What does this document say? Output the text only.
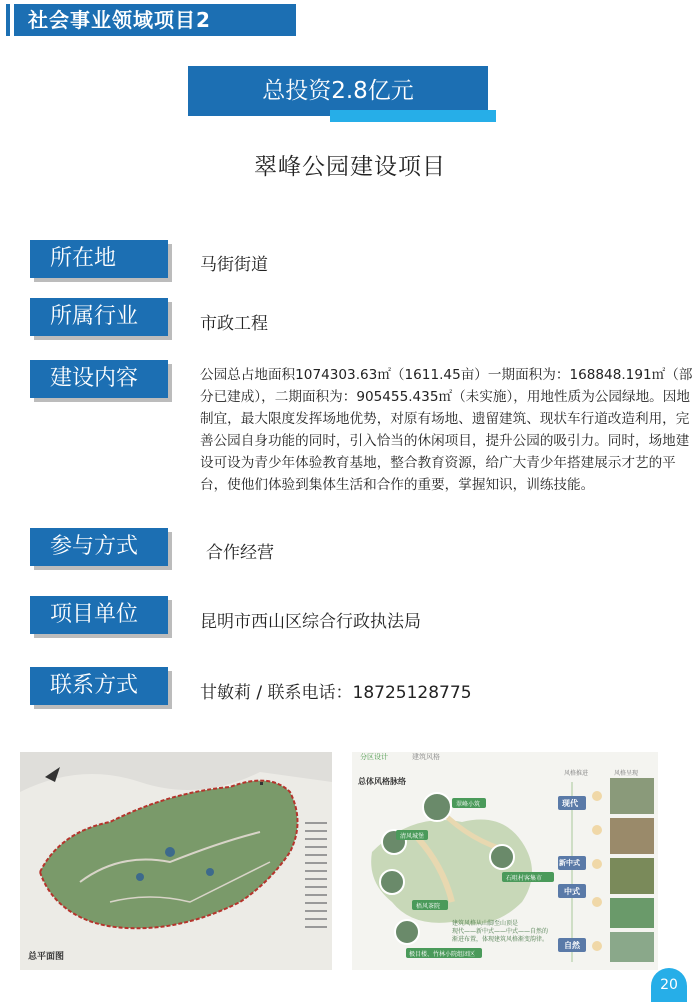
社会事业领域项目2
总投资2.8亿元
翠峰公园建设项目
所在地	马街街道
所属行业	市政工程
建设内容	公园总占地面积1074303.63㎡（1611.45亩）一期面积为：168848.191㎡（部分已建成），二期面积为：905455.435㎡（未实施），用地性质为公园绿地。因地制宜，最大限度发挥场地优势，对原有场地、遗留建筑、现状车行道改造利用，完善公园自身功能的同时，引入恰当的休闲项目，提升公园的吸引力。同时，场地建设可设为青少年体验教育基地，整合教育资源，给广大青少年搭建展示才艺的平台，使他们体验到集体生活和合作的重要，掌握知识，训练技能。
参与方式	合作经营
项目单位	昆明市西山区综合行政执法局
联系方式	甘敏莉 / 联系电话：18725128775
总平面图
分区设计	建筑风格
总体风格脉络
风格推进	风格呈现
翠峰小筑
清风城堡
石咀村客集市
梧风茶院
极目楼、竹林小院组团区
现代
新中式
中式
自然
建筑风格从山脚至山顶是
现代——新中式——中式——自然的
渐进布置，体现建筑风格渐变韵律。
20
